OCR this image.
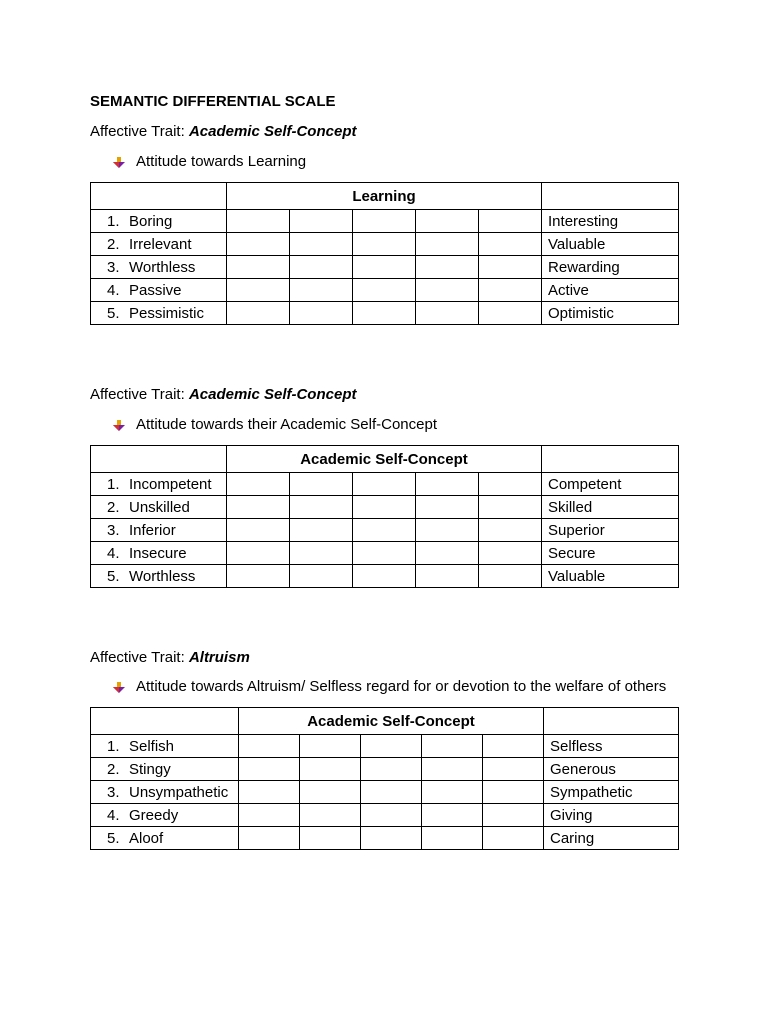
SEMANTIC DIFFERENTIAL SCALE
Affective Trait: Academic Self-Concept
Attitude towards Learning
	Learning					
1. Boring						Interesting
2. Irrelevant						Valuable
3. Worthless						Rewarding
4. Passive						Active
5. Pessimistic						Optimistic
Affective Trait: Academic Self-Concept
Attitude towards their Academic Self-Concept
	Academic Self-Concept					
1. Incompetent						Competent
2. Unskilled						Skilled
3. Inferior						Superior
4. Insecure						Secure
5. Worthless						Valuable
Affective Trait: Altruism
Attitude towards Altruism/ Selfless regard for or devotion to the welfare of others
	Academic Self-Concept					
1. Selfish						Selfless
2. Stingy						Generous
3. Unsympathetic						Sympathetic
4. Greedy						Giving
5. Aloof						Caring
